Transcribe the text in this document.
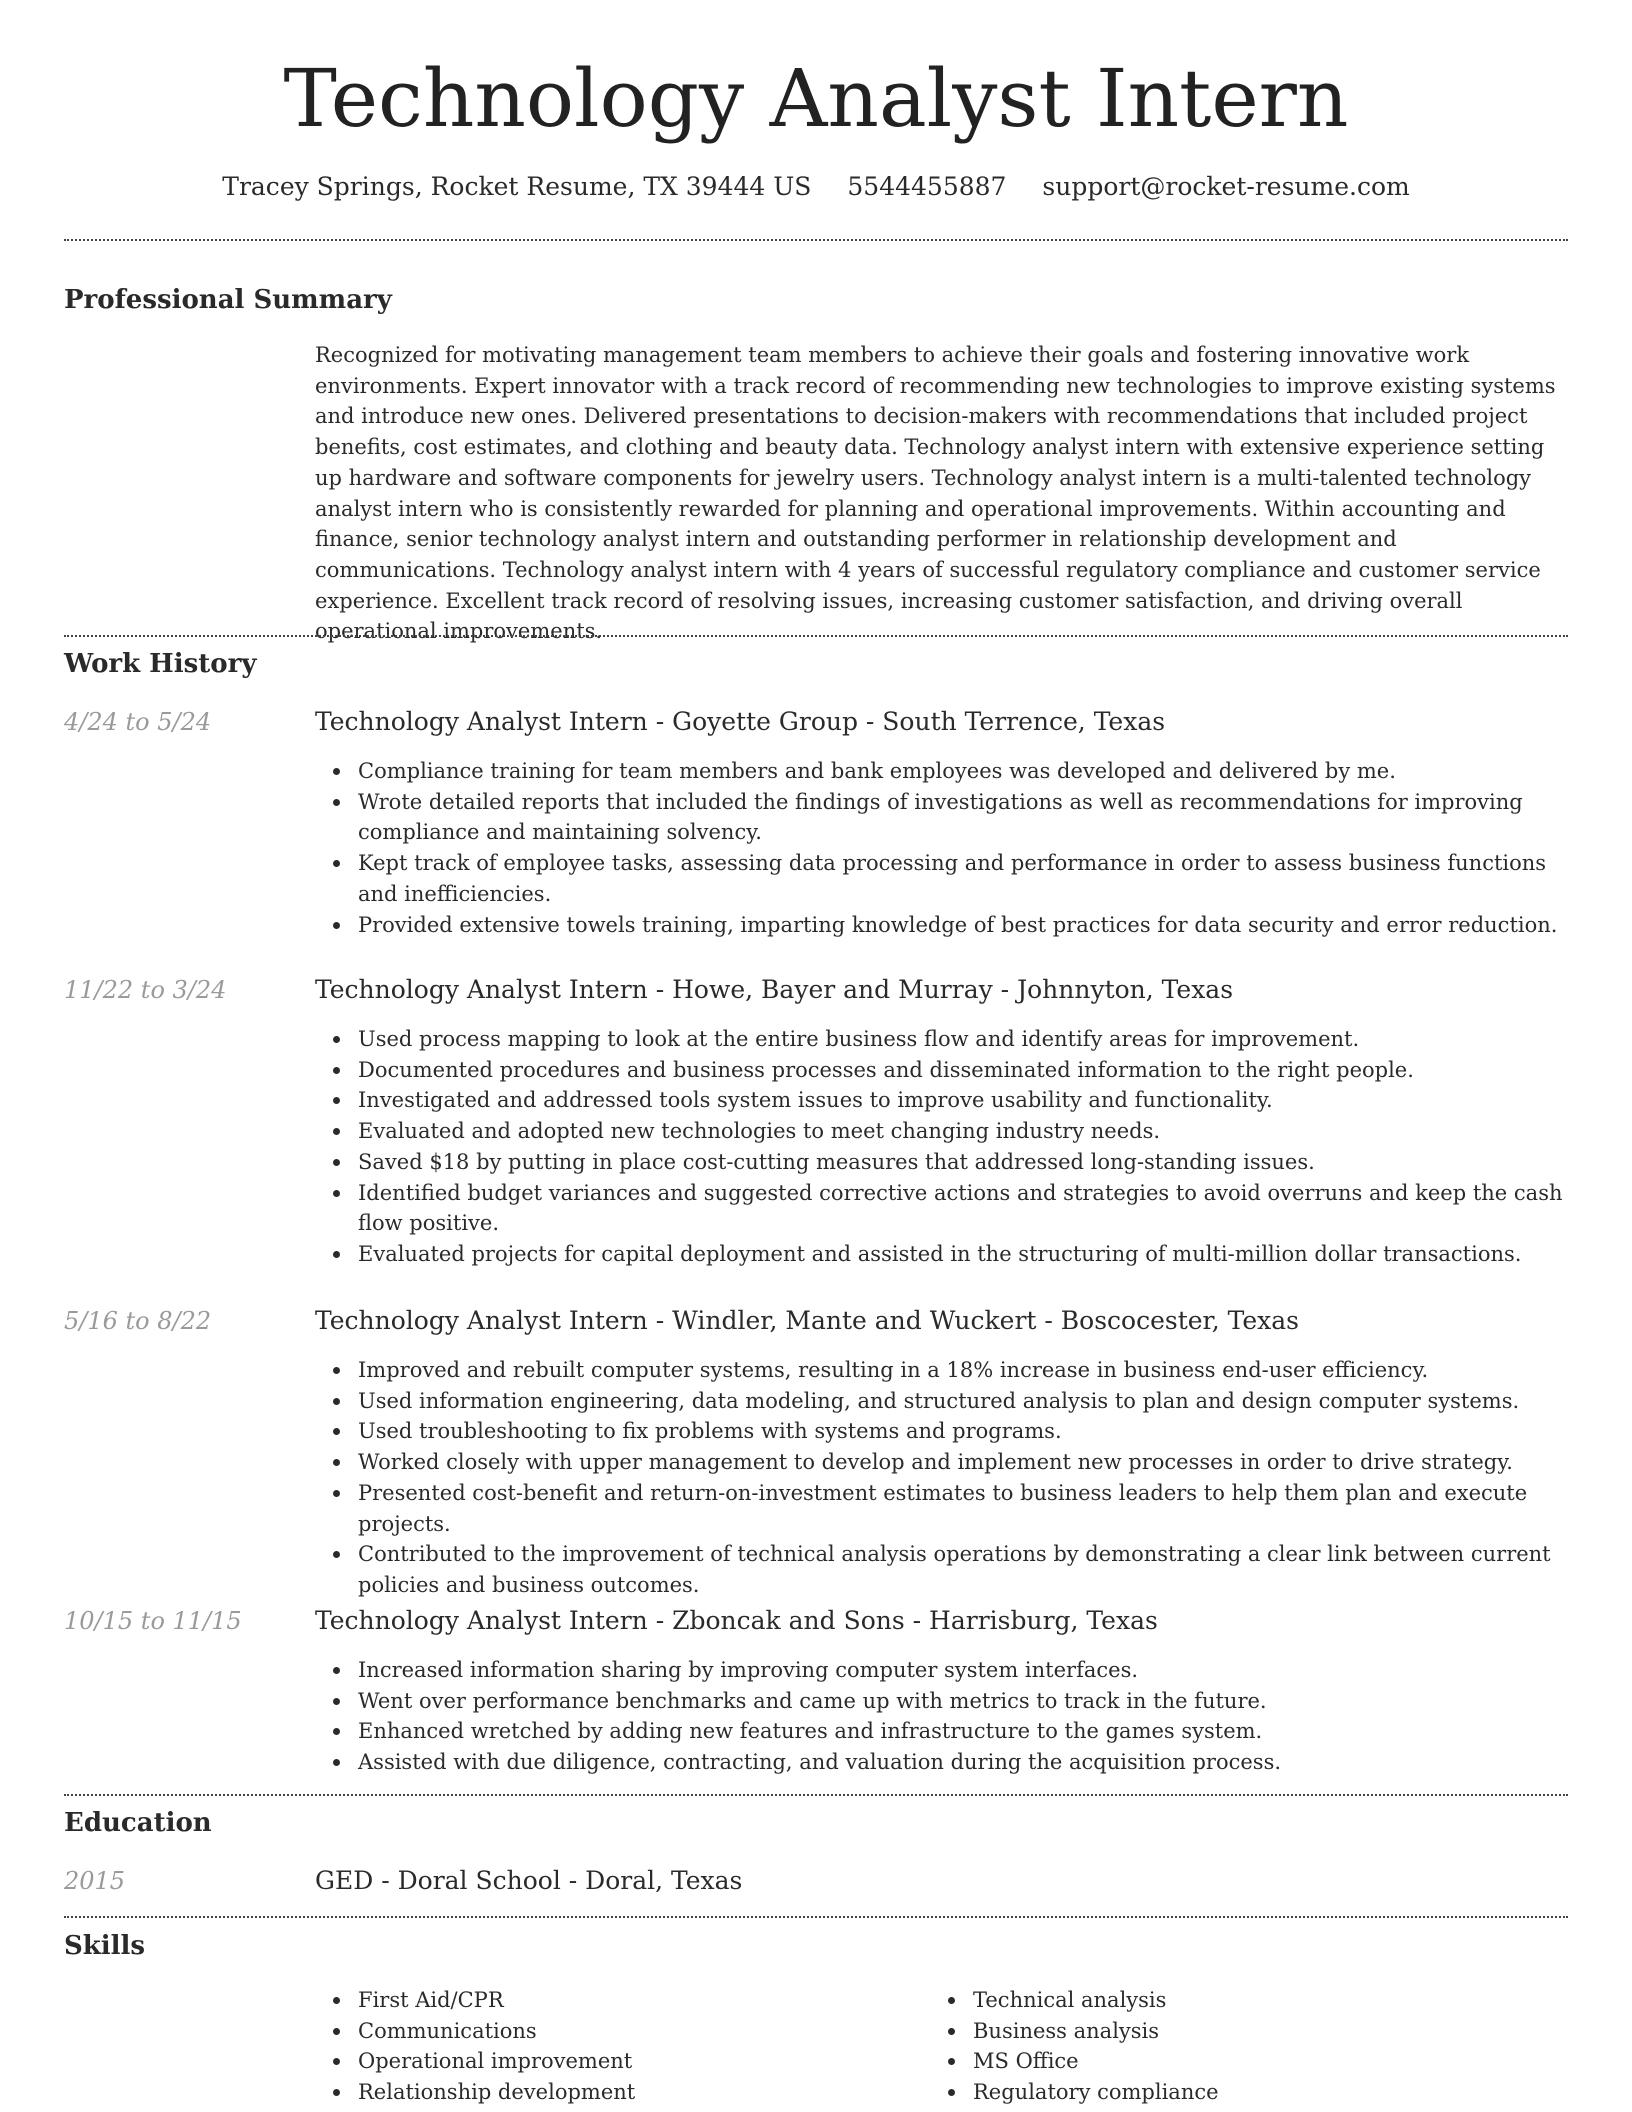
Technology Analyst Intern
Tracey Springs, Rocket Resume, TX 39444 US 5544455887 support@rocket-resume.com
Professional Summary

Recognized for motivating management team members to achieve their goals and fostering innovative work environments. Expert innovator with a track record of recommending new technologies to improve existing systems and introduce new ones. Delivered presentations to decision-makers with recommendations that included project benefits, cost estimates, and clothing and beauty data. Technology analyst intern with extensive experience setting up hardware and software components for jewelry users. Technology analyst intern is a multi-talented technology analyst intern who is consistently rewarded for planning and operational improvements. Within accounting and finance, senior technology analyst intern and outstanding performer in relationship development and communications. Technology analyst intern with 4 years of successful regulatory compliance and customer service experience. Excellent track record of resolving issues, increasing customer satisfaction, and driving overall operational improvements.

Work History
4/24 to 5/24	Technology Analyst Intern - Goyette Group - South Terrence, Texas
Compliance training for team members and bank employees was developed and delivered by me.
Wrote detailed reports that included the findings of investigations as well as recommendations for improving compliance and maintaining solvency.
Kept track of employee tasks, assessing data processing and performance in order to assess business functions and inefficiencies.
Provided extensive towels training, imparting knowledge of best practices for data security and error reduction.
11/22 to 3/24	Technology Analyst Intern - Howe, Bayer and Murray - Johnnyton, Texas
Used process mapping to look at the entire business flow and identify areas for improvement.
Documented procedures and business processes and disseminated information to the right people.
Investigated and addressed tools system issues to improve usability and functionality.
Evaluated and adopted new technologies to meet changing industry needs.
Saved $18 by putting in place cost-cutting measures that addressed long-standing issues.
Identified budget variances and suggested corrective actions and strategies to avoid overruns and keep the cash flow positive.
Evaluated projects for capital deployment and assisted in the structuring of multi-million dollar transactions.
5/16 to 8/22	Technology Analyst Intern - Windler, Mante and Wuckert - Boscocester, Texas
Improved and rebuilt computer systems, resulting in a 18% increase in business end-user efficiency.
Used information engineering, data modeling, and structured analysis to plan and design computer systems.
Used troubleshooting to fix problems with systems and programs.
Worked closely with upper management to develop and implement new processes in order to drive strategy.
Presented cost-benefit and return-on-investment estimates to business leaders to help them plan and execute projects.
Contributed to the improvement of technical analysis operations by demonstrating a clear link between current policies and business outcomes.
10/15 to 11/15	Technology Analyst Intern - Zboncak and Sons - Harrisburg, Texas
Increased information sharing by improving computer system interfaces.
Went over performance benchmarks and came up with metrics to track in the future.
Enhanced wretched by adding new features and infrastructure to the games system.
Assisted with due diligence, contracting, and valuation during the acquisition process.
Education
2015	GED - Doral School - Doral, Texas
Skills
First Aid/CPR
Communications
Operational improvement
Relationship development
Technical analysis
Business analysis
MS Office
Regulatory compliance
